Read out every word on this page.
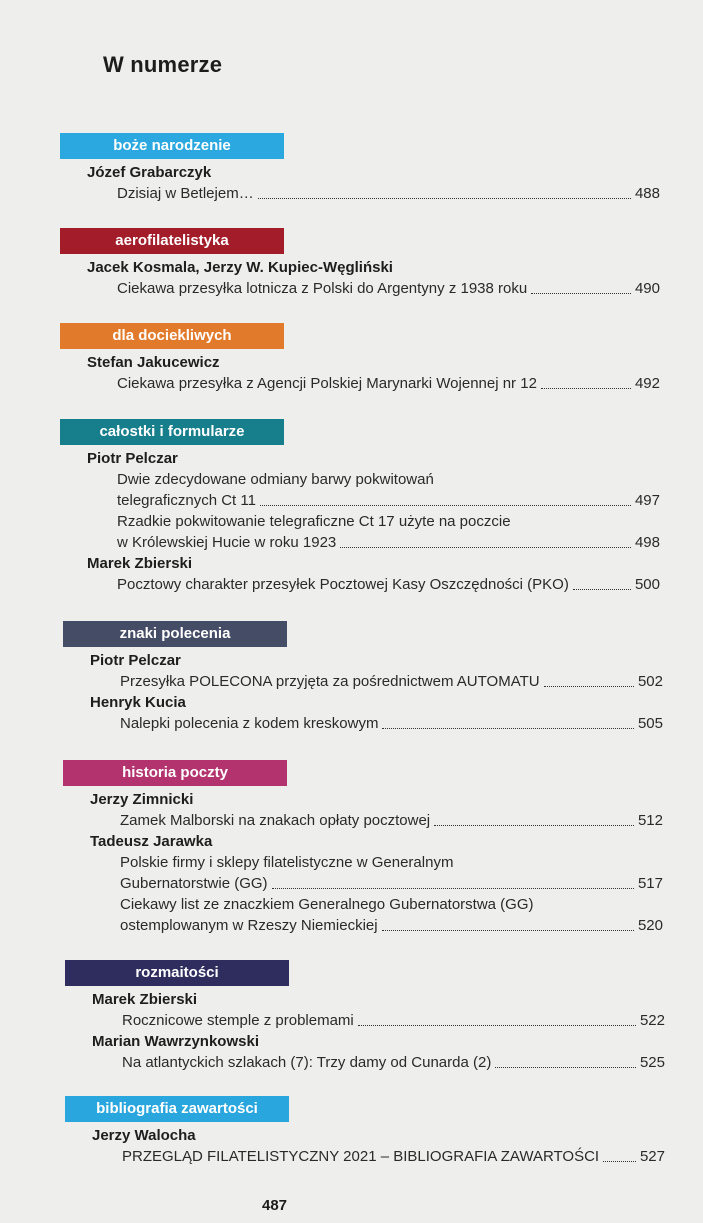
W numerze
boże narodzenie
Józef Grabarczyk
Dzisiaj w Betlejem…	488
aerofilatelistyka
Jacek Kosmala, Jerzy W. Kupiec-Węgliński
Ciekawa przesyłka lotnicza z Polski do Argentyny z 1938 roku	490
dla dociekliwych
Stefan Jakucewicz
Ciekawa przesyłka z Agencji Polskiej Marynarki Wojennej nr 12	492
całostki i formularze
Piotr Pelczar
Dwie zdecydowane odmiany barwy pokwitowań
telegraficznych Ct 11	497
Rzadkie pokwitowanie telegraficzne Ct 17 użyte na poczcie
w Królewskiej Hucie w roku 1923	498
Marek Zbierski
Pocztowy charakter przesyłek Pocztowej Kasy Oszczędności (PKO)	500
znaki polecenia
Piotr Pelczar
Przesyłka POLECONA przyjęta za pośrednictwem AUTOMATU	502
Henryk Kucia
Nalepki polecenia z kodem kreskowym	505
historia poczty
Jerzy Zimnicki
Zamek Malborski na znakach opłaty pocztowej	512
Tadeusz Jarawka
Polskie firmy i sklepy filatelistyczne w Generalnym
Gubernatorstwie (GG)	517
Ciekawy list ze znaczkiem Generalnego Gubernatorstwa (GG)
ostemplowanym w Rzeszy Niemieckiej	520
rozmaitości
Marek Zbierski
Rocznicowe stemple z problemami	522
Marian Wawrzynkowski
Na atlantyckich szlakach (7): Trzy damy od Cunarda (2)	525
bibliografia zawartości
Jerzy Walocha
PRZEGLĄD FILATELISTYCZNY 2021 – BIBLIOGRAFIA ZAWARTOŚCI	527
487
